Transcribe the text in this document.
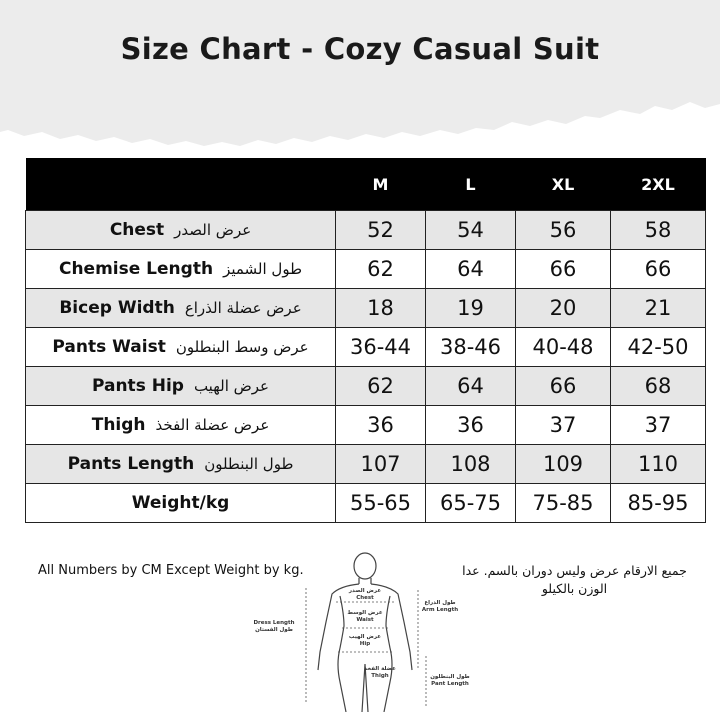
Size Chart - Cozy Casual Suit
	M	L	XL	2XL
Chest عرض الصدر	52	54	56	58
Chemise Length طول الشميز	62	64	66	66
Bicep Width عرض عضلة الذراع	18	19	20	21
Pants Waist عرض وسط البنطلون	36-44	38-46	40-48	42-50
Pants Hip عرض الهيب	62	64	66	68
Thigh عرض عضلة الفخذ	36	36	37	37
Pants Length طول البنطلون	107	108	109	110
Weight/kg	55-65	65-75	75-85	85-95
All Numbers by CM Except Weight by kg.	جميع الارقام عرض وليس دوران بالسم. عدا الوزن بالكيلو
عرض الصدر
Chest
عرض الوسط
Waist
عرض الهيب
Hip
عضلة الفخذ
Thigh
طول الذراع
Arm Length
Dress Length
طول الفستان
طول البنطلون
Pant Length
